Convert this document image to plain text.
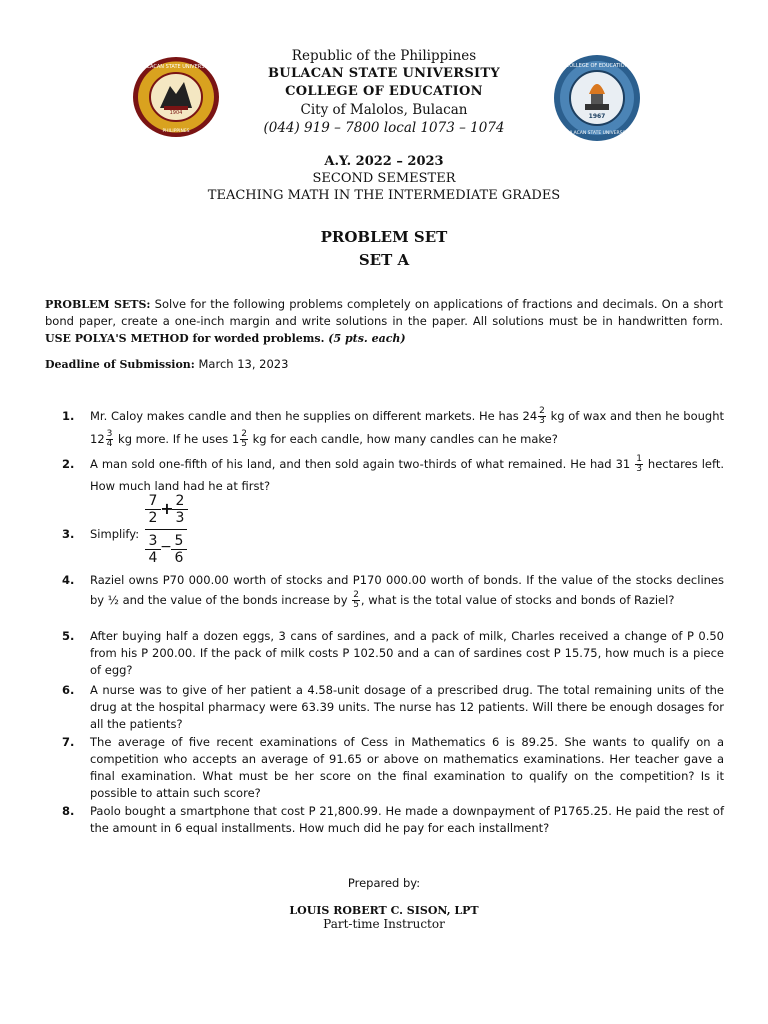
1904
BULACAN STATE UNIVERSITY
PHILIPPINES
1967
COLLEGE OF EDUCATION
BULACAN STATE UNIVERSITY
Republic of the Philippines
BULACAN STATE UNIVERSITY
COLLEGE OF EDUCATION
City of Malolos, Bulacan
(044) 919 – 7800 local 1073 – 1074
A.Y. 2022 – 2023
SECOND SEMESTER
TEACHING MATH IN THE INTERMEDIATE GRADES
PROBLEM SET
SET A
PROBLEM SETS: Solve for the following problems completely on applications of fractions and decimals. On a short bond paper, create a one-inch margin and write solutions in the paper. All solutions must be in handwritten form. USE POLYA'S METHOD for worded problems. (5 pts. each)
Deadline of Submission: March 13, 2023
1.	Mr. Caloy makes candle and then he supplies on different markets. He has $24 \frac{2}{3}$ kg of wax and then he bought $12 \frac{3}{4}$ kg more. If he uses $1 \frac{2}{5}$ kg for each candle, how many candles can he make?
2.	A man sold one-fifth of his land, and then sold again two-thirds of what remained. He had $31 \frac{1}{3}$ hectares left. How much land had he at first?
3.	Simplify:
7
2 + 2
3
3
4
− 5
6
4.	Raziel owns P70 000.00 worth of stocks and P170 000.00 worth of bonds. If the value of the stocks declines by ½ and the value of the bonds increase by $\frac{2}{5}$ , what is the total value of stocks and bonds of Raziel?
5.	After buying half a dozen eggs, 3 cans of sardines, and a pack of milk, Charles received a change of P 0.50 from his P 200.00. If the pack of milk costs P 102.50 and a can of sardines cost P 15.75, how much is a piece of egg?
6.	A nurse was to give of her patient a 4.58-unit dosage of a prescribed drug. The total remaining units of the drug at the hospital pharmacy were 63.39 units. The nurse has 12 patients. Will there be enough dosages for all the patients?
7.	The average of five recent examinations of Cess in Mathematics 6 is 89.25. She wants to qualify on a competition who accepts an average of 91.65 or above on mathematics examinations. Her teacher gave a final examination. What must be her score on the final examination to qualify on the competition? Is it possible to attain such score?
8.	Paolo bought a smartphone that cost P 21,800.99. He made a downpayment of P1765.25. He paid the rest of the amount in 6 equal installments. How much did he pay for each installment?
Prepared by:
LOUIS ROBERT C. SISON, LPT
Part-time Instructor
